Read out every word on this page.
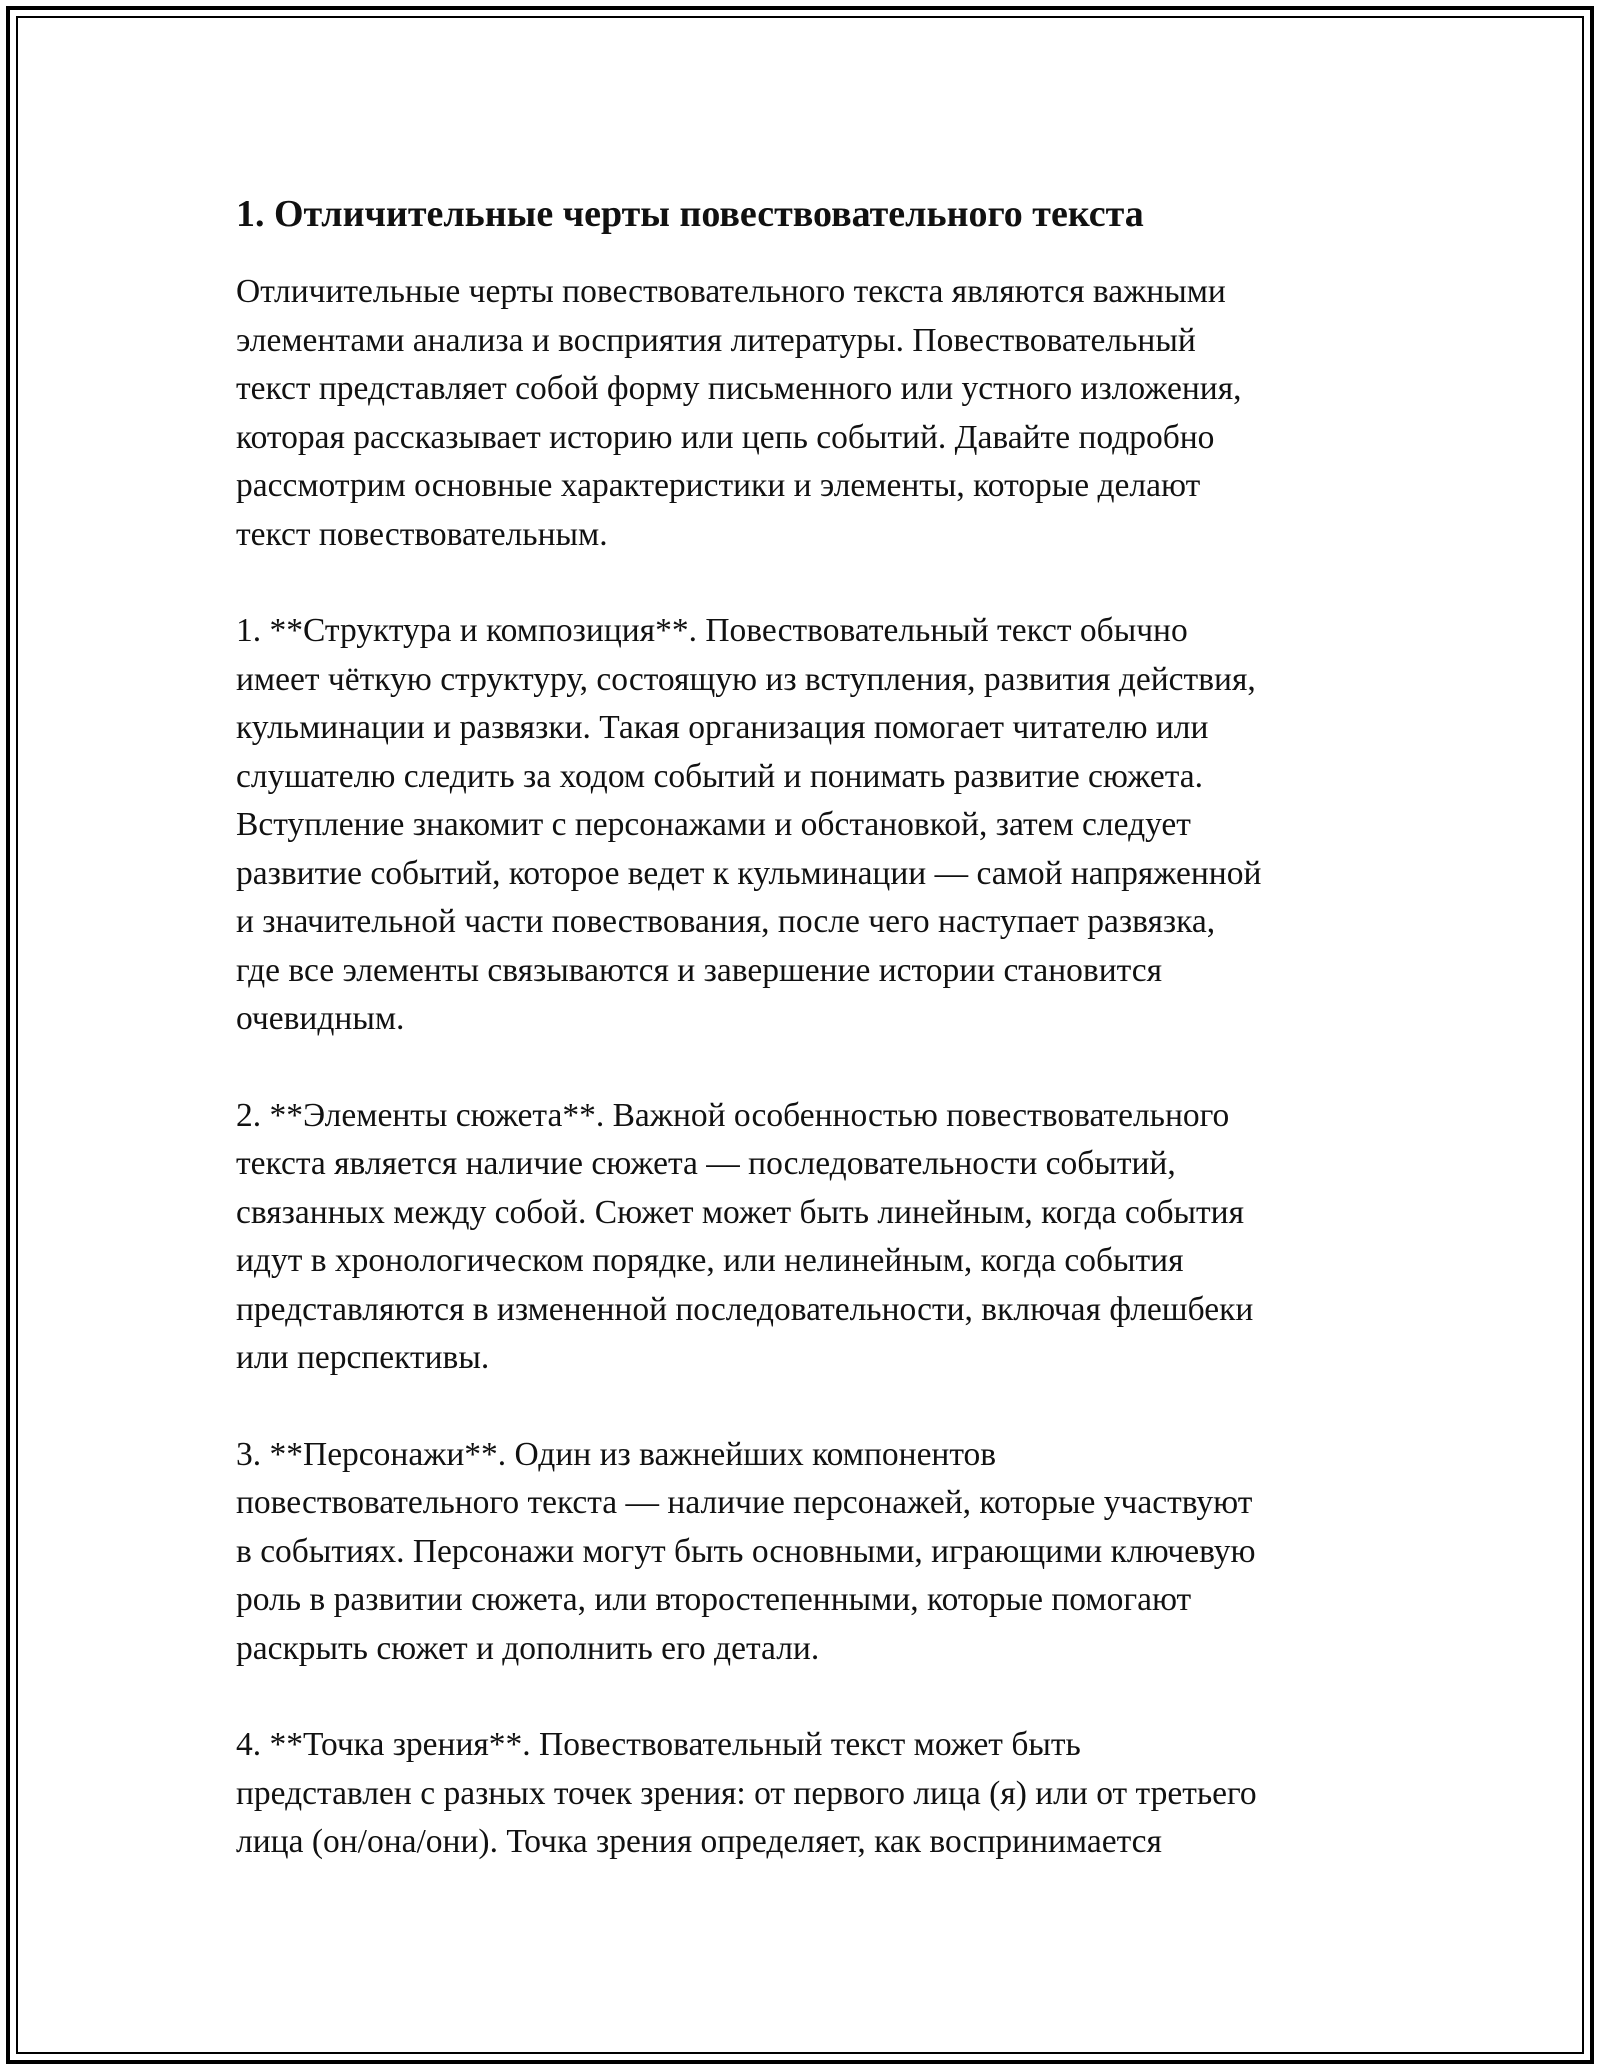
1. Отличительные черты повествовательного текста

Отличительные черты повествовательного текста являются важными
элементами анализа и восприятия литературы. Повествовательный
текст представляет собой форму письменного или устного изложения,
которая рассказывает историю или цепь событий. Давайте подробно
рассмотрим основные характеристики и элементы, которые делают
текст повествовательным.

1. **Структура и композиция**. Повествовательный текст обычно
имеет чёткую структуру, состоящую из вступления, развития действия,
кульминации и развязки. Такая организация помогает читателю или
слушателю следить за ходом событий и понимать развитие сюжета.
Вступление знакомит с персонажами и обстановкой, затем следует
развитие событий, которое ведет к кульминации — самой напряженной
и значительной части повествования, после чего наступает развязка,
где все элементы связываются и завершение истории становится
очевидным.

2. **Элементы сюжета**. Важной особенностью повествовательного
текста является наличие сюжета — последовательности событий,
связанных между собой. Сюжет может быть линейным, когда события
идут в хронологическом порядке, или нелинейным, когда события
представляются в измененной последовательности, включая флешбеки
или перспективы.

3. **Персонажи**. Один из важнейших компонентов
повествовательного текста — наличие персонажей, которые участвуют
в событиях. Персонажи могут быть основными, играющими ключевую
роль в развитии сюжета, или второстепенными, которые помогают
раскрыть сюжет и дополнить его детали.

4. **Точка зрения**. Повествовательный текст может быть
представлен с разных точек зрения: от первого лица (я) или от третьего
лица (он/она/они). Точка зрения определяет, как воспринимается
